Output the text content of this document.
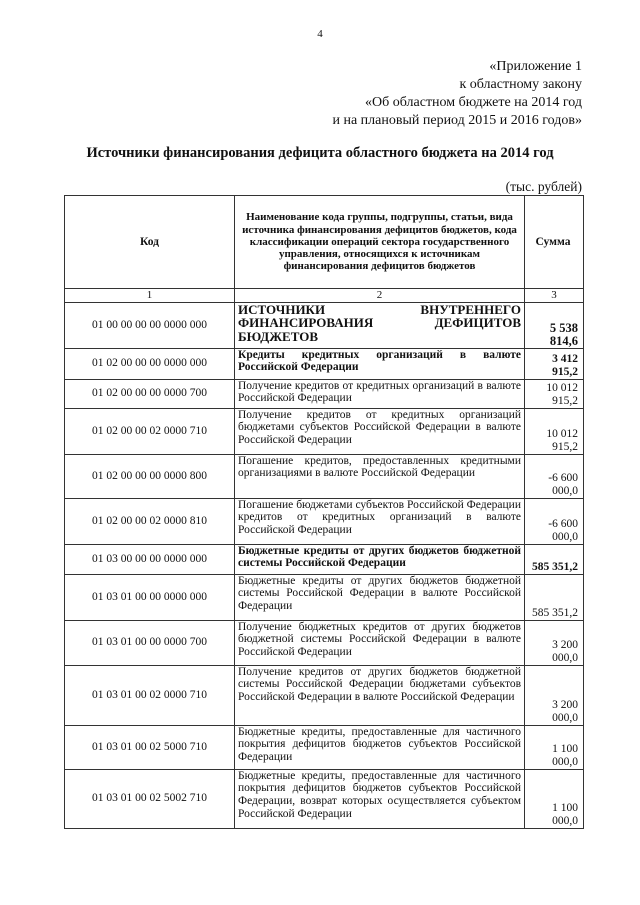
4
«Приложение 1
к областному закону
«Об областном бюджете на 2014 год
и на плановый период 2015 и 2016 годов»
Источники финансирования дефицита областного бюджета на 2014 год
(тыс. рублей)
Код	Наименование кода группы, подгруппы, статьи, вида источника финансирования дефицитов бюджетов, кода классификации операций сектора государственного управления, относящихся к источникам финансирования дефицитов бюджетов	Сумма
1	2	3
01 00 00 00 00 0000 000	ИСТОЧНИКИ ВНУТРЕННЕГО ФИНАНСИРОВАНИЯ ДЕФИЦИТОВ БЮДЖЕТОВ	5 538 814,6
01 02 00 00 00 0000 000	Кредиты кредитных организаций в валюте Российской Федерации	3 412 915,2
01 02 00 00 00 0000 700	Получение кредитов от кредитных организаций в валюте Российской Федерации	10 012 915,2
01 02 00 00 02 0000 710	Получение кредитов от кредитных организаций бюджетами субъектов Российской Федерации в валюте Российской Федерации	10 012 915,2
01 02 00 00 00 0000 800	Погашение кредитов, предоставленных кредитными организациями в валюте Российской Федерации	-6 600 000,0
01 02 00 00 02 0000 810	Погашение бюджетами субъектов Российской Федерации кредитов от кредитных организаций в валюте Российской Федерации	-6 600 000,0
01 03 00 00 00 0000 000	Бюджетные кредиты от других бюджетов бюджетной системы Российской Федерации	585 351,2
01 03 01 00 00 0000 000	Бюджетные кредиты от других бюджетов бюджетной системы Российской Федерации в валюте Российской Федерации	585 351,2
01 03 01 00 00 0000 700	Получение бюджетных кредитов от других бюджетов бюджетной системы Российской Федерации в валюте Российской Федерации	3 200 000,0
01 03 01 00 02 0000 710	Получение кредитов от других бюджетов бюджетной системы Российской Федерации бюджетами субъектов Российской Федерации в валюте Российской Федерации	3 200 000,0
01 03 01 00 02 5000 710	Бюджетные кредиты, предоставленные для частичного покрытия дефицитов бюджетов субъектов Российской Федерации	1 100 000,0
01 03 01 00 02 5002 710	Бюджетные кредиты, предоставленные для частичного покрытия дефицитов бюджетов субъектов Российской Федерации, возврат которых осуществляется субъектом Российской Федерации	1 100 000,0
